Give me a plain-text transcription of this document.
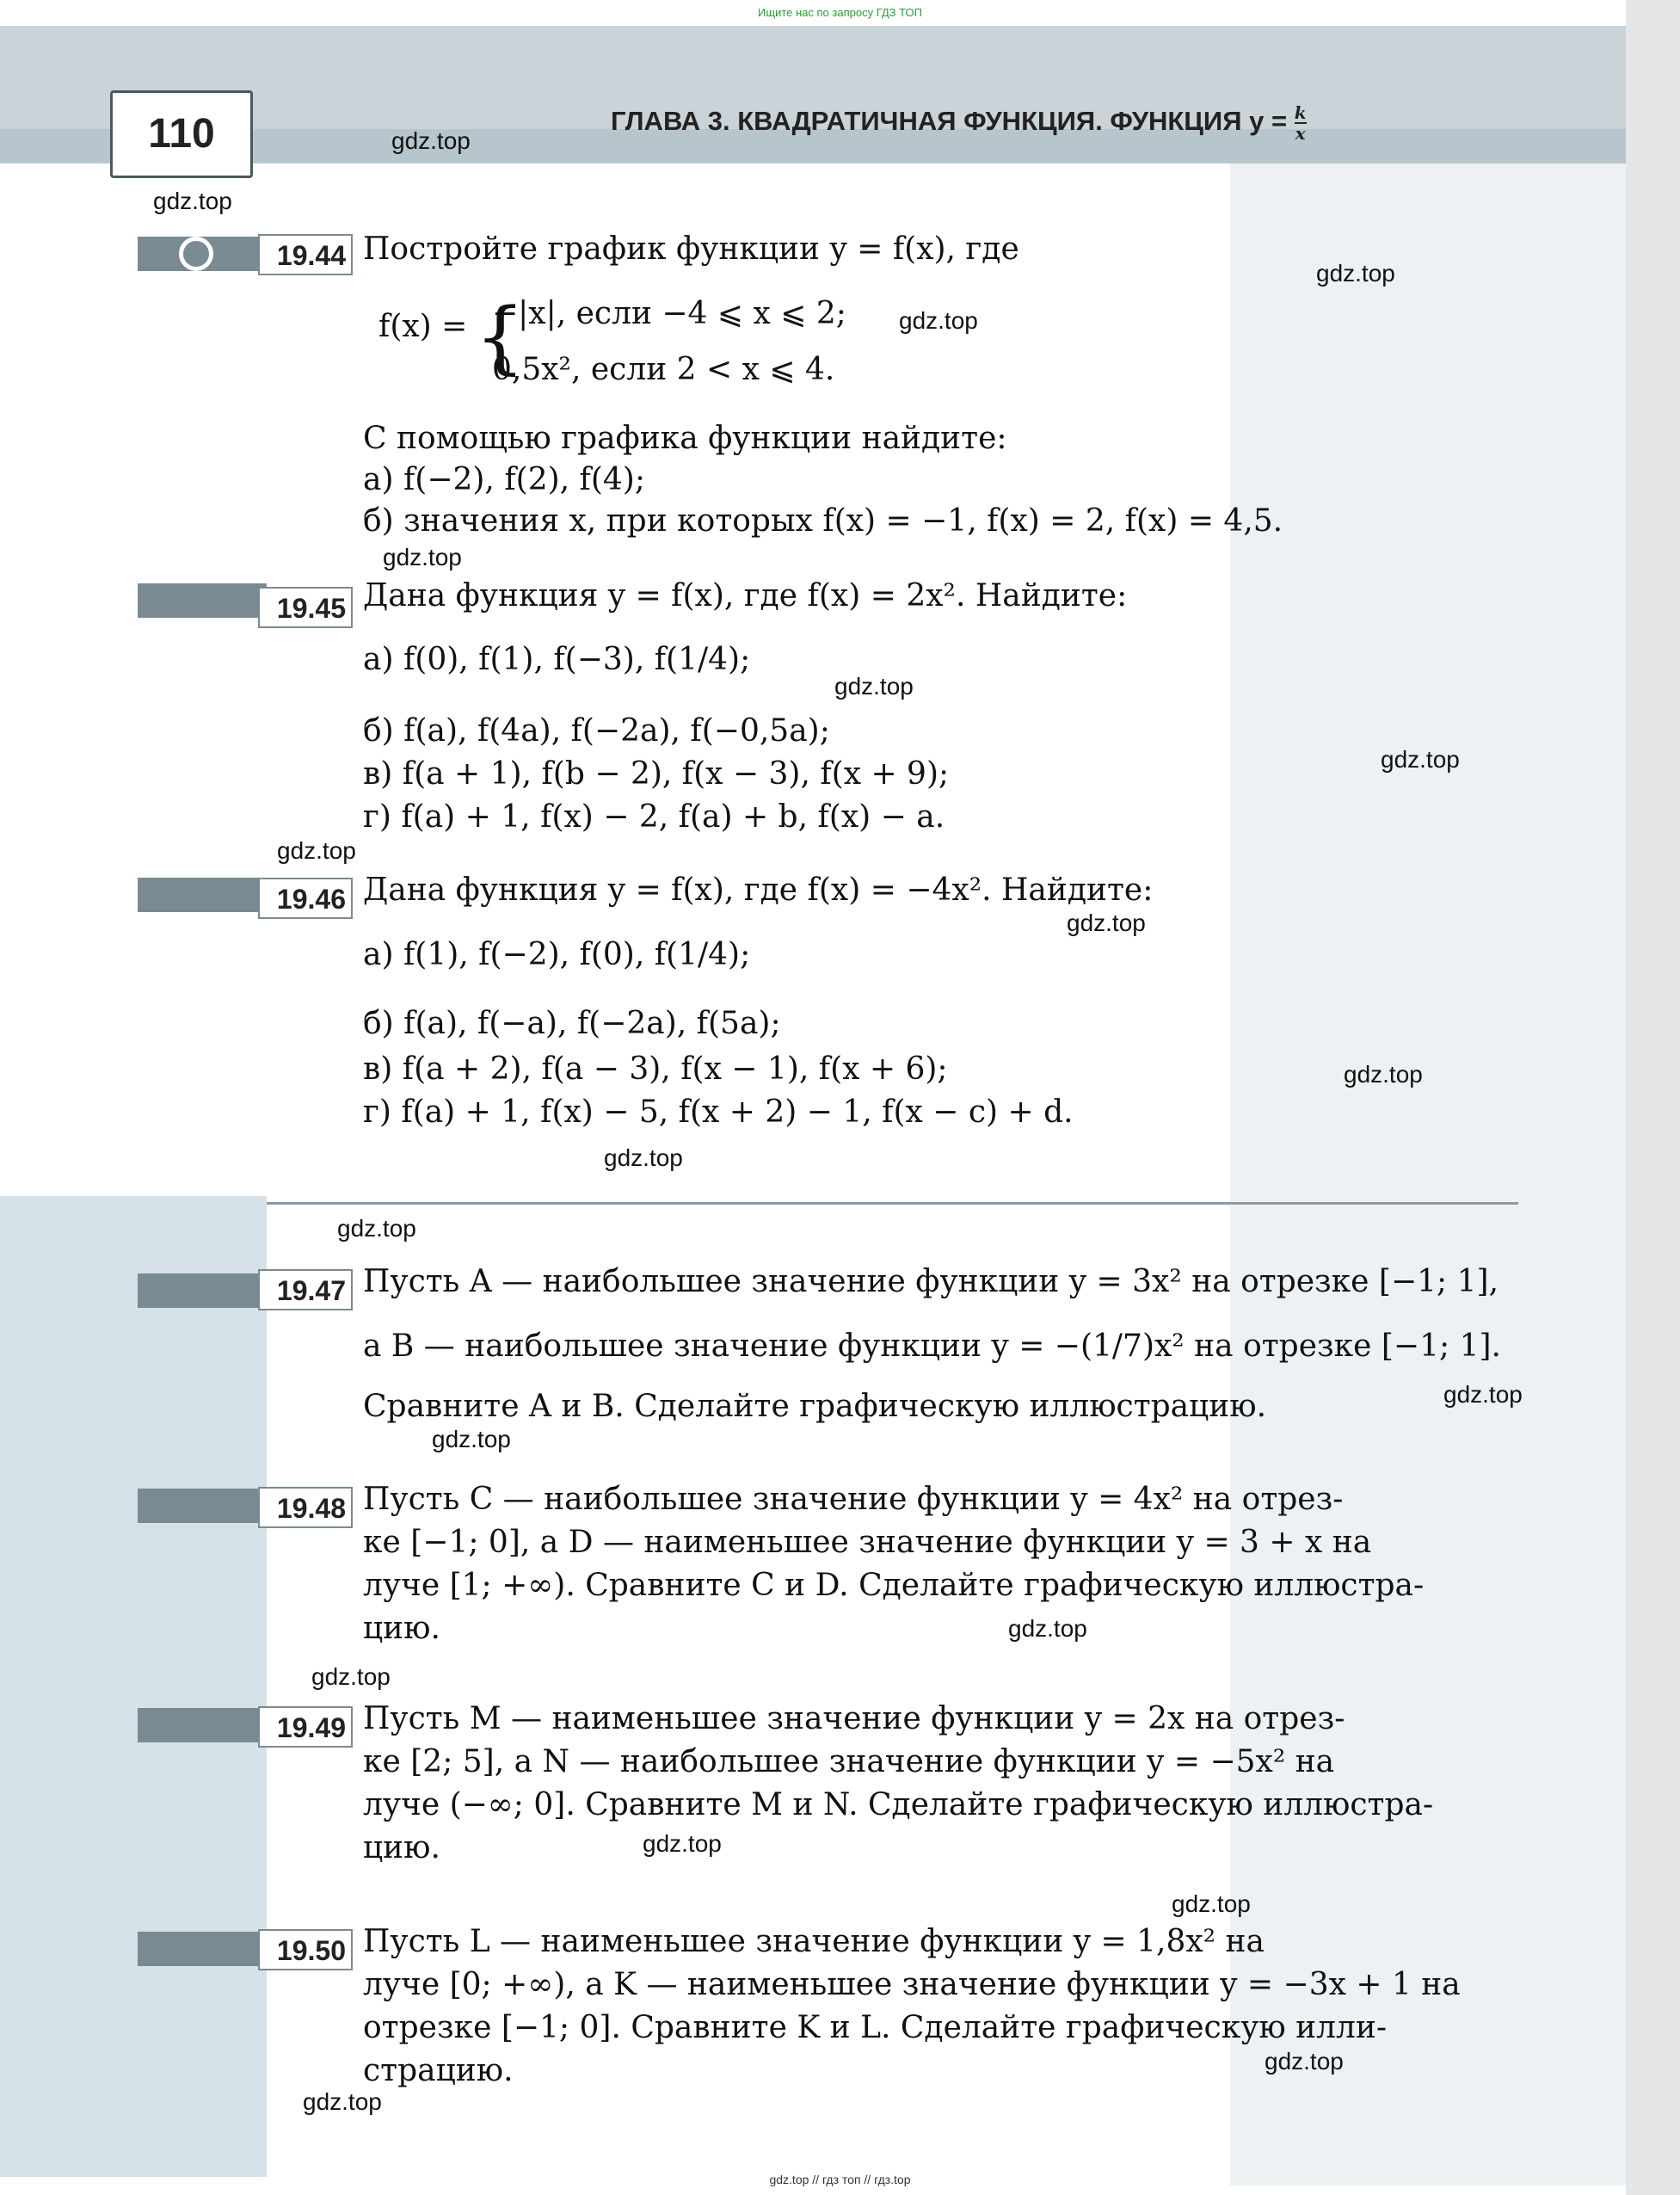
Ищите нас по запросу ГДЗ ТОП
110	ГЛАВА 3. КВАДРАТИЧНАЯ ФУНКЦИЯ. ФУНКЦИЯ $y = \frac{k}{x}$
19.44 Постройте график функции y = f(x), где
f(x) = {
−|x|, если −4 ⩽ x ⩽ 2;
0,5x², если 2 < x ⩽ 4.
С помощью графика функции найдите:
а) f(−2), f(2), f(4);
б) значения x, при которых f(x) = −1, f(x) = 2, f(x) = 4,5.
19.45 Дана функция y = f(x), где f(x) = 2x². Найдите:
а) f(0), f(1), f(−3), f(1/4);
б) f(a), f(4a), f(−2a), f(−0,5a);
в) f(a + 1), f(b − 2), f(x − 3), f(x + 9);
г) f(a) + 1, f(x) − 2, f(a) + b, f(x) − a.
19.46 Дана функция y = f(x), где f(x) = −4x². Найдите:
а) f(1), f(−2), f(0), f(1/4);
б) f(a), f(−a), f(−2a), f(5a);
в) f(a + 2), f(a − 3), f(x − 1), f(x + 6);
г) f(a) + 1, f(x) − 5, f(x + 2) − 1, f(x − c) + d.
19.47 Пусть A — наибольшее значение функции y = 3x² на отрезке [−1; 1],
а B — наибольшее значение функции y = −(1/7)x² на отрезке [−1; 1].
Сравните A и B. Сделайте графическую иллюстрацию.
19.48 Пусть C — наибольшее значение функции y = 4x² на отрез-
ке [−1; 0], а D — наименьшее значение функции y = 3 + x на
луче [1; +∞). Сравните C и D. Сделайте графическую иллюстра-
цию.
19.49 Пусть M — наименьшее значение функции y = 2x на отрез-
ке [2; 5], а N — наибольшее значение функции y = −5x² на
луче (−∞; 0]. Сравните M и N. Сделайте графическую иллюстра-
цию.
19.50 Пусть L — наименьшее значение функции y = 1,8x² на
луче [0; +∞), а K — наименьшее значение функции y = −3x + 1 на
отрезке [−1; 0]. Сравните K и L. Сделайте графическую илли-
страцию.
gdz.top
gdz.top
gdz.top
gdz.top
gdz.top
gdz.top
gdz.top
gdz.top
gdz.top
gdz.top
gdz.top
gdz.top
gdz.top
gdz.top
gdz.top
gdz.top
gdz.top
gdz.top
gdz.top
gdz.top
gdz.top // гдз топ // гдз.top
